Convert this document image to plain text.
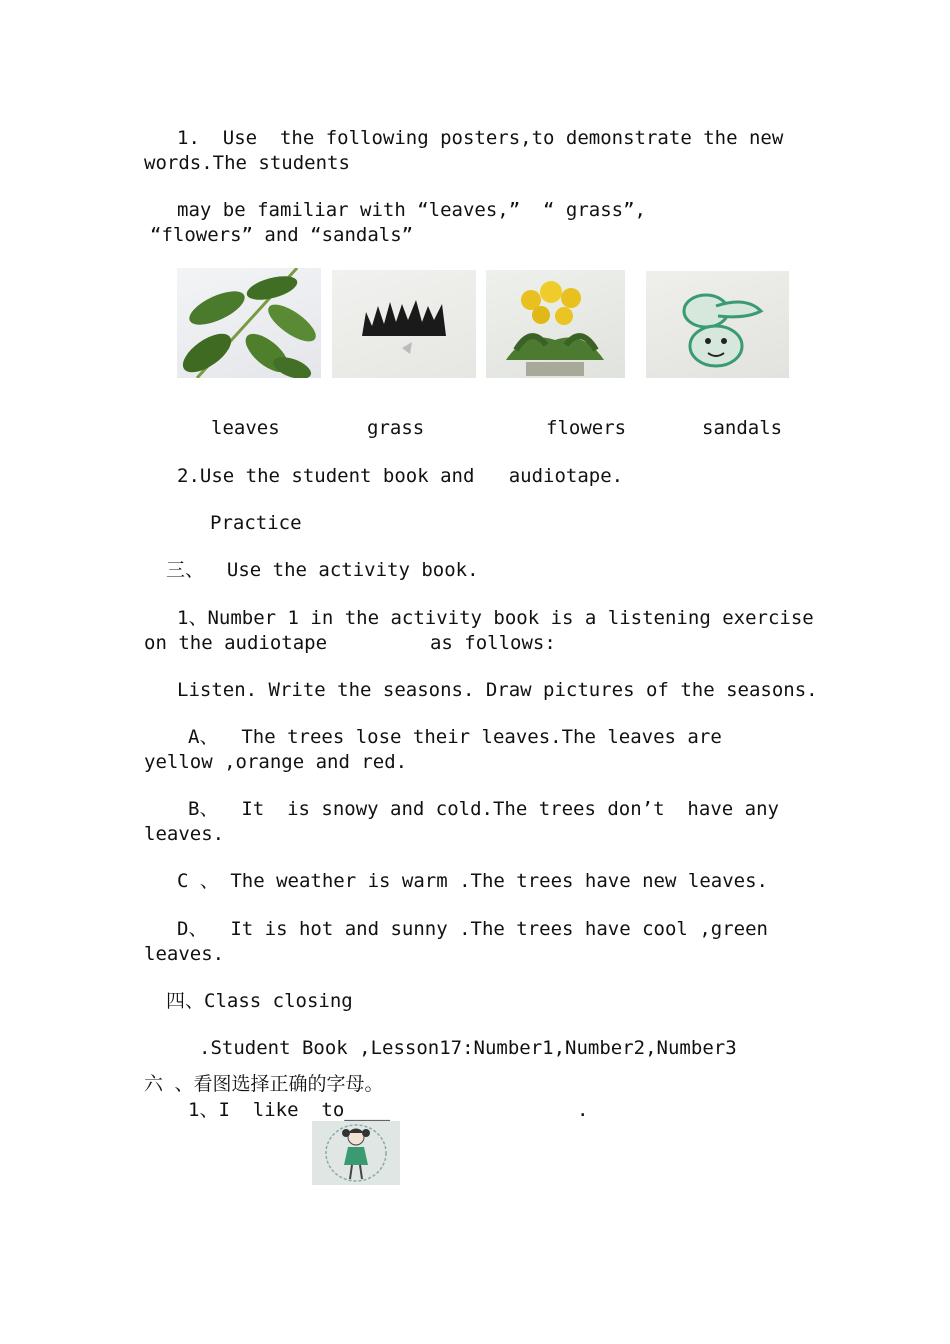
1.  Use  the following posters,to demonstrate the new
words.The students
may be familiar with “leaves,”  “ grass”,
“flowers” and “sandals”
leaves	grass	flowers	sandals
2.Use the student book and   audiotape.
Practice
三、  Use the activity book.
1、Number 1 in the activity book is a listening exercise
on the audiotape         as follows:
Listen. Write the seasons. Draw pictures of the seasons.
A、  The trees lose their leaves.The leaves are
yellow ,orange and red.
B、  It  is snowy and cold.The trees don’t  have any
leaves.
C 、 The weather is warm .The trees have new leaves.
D、  It is hot and sunny .The trees have cool ,green
leaves.
四、Class closing
.Student Book ,Lesson17:Number1,Number2,Number3
六 、看图选择正确的字母。
1、I  like  to____	.
